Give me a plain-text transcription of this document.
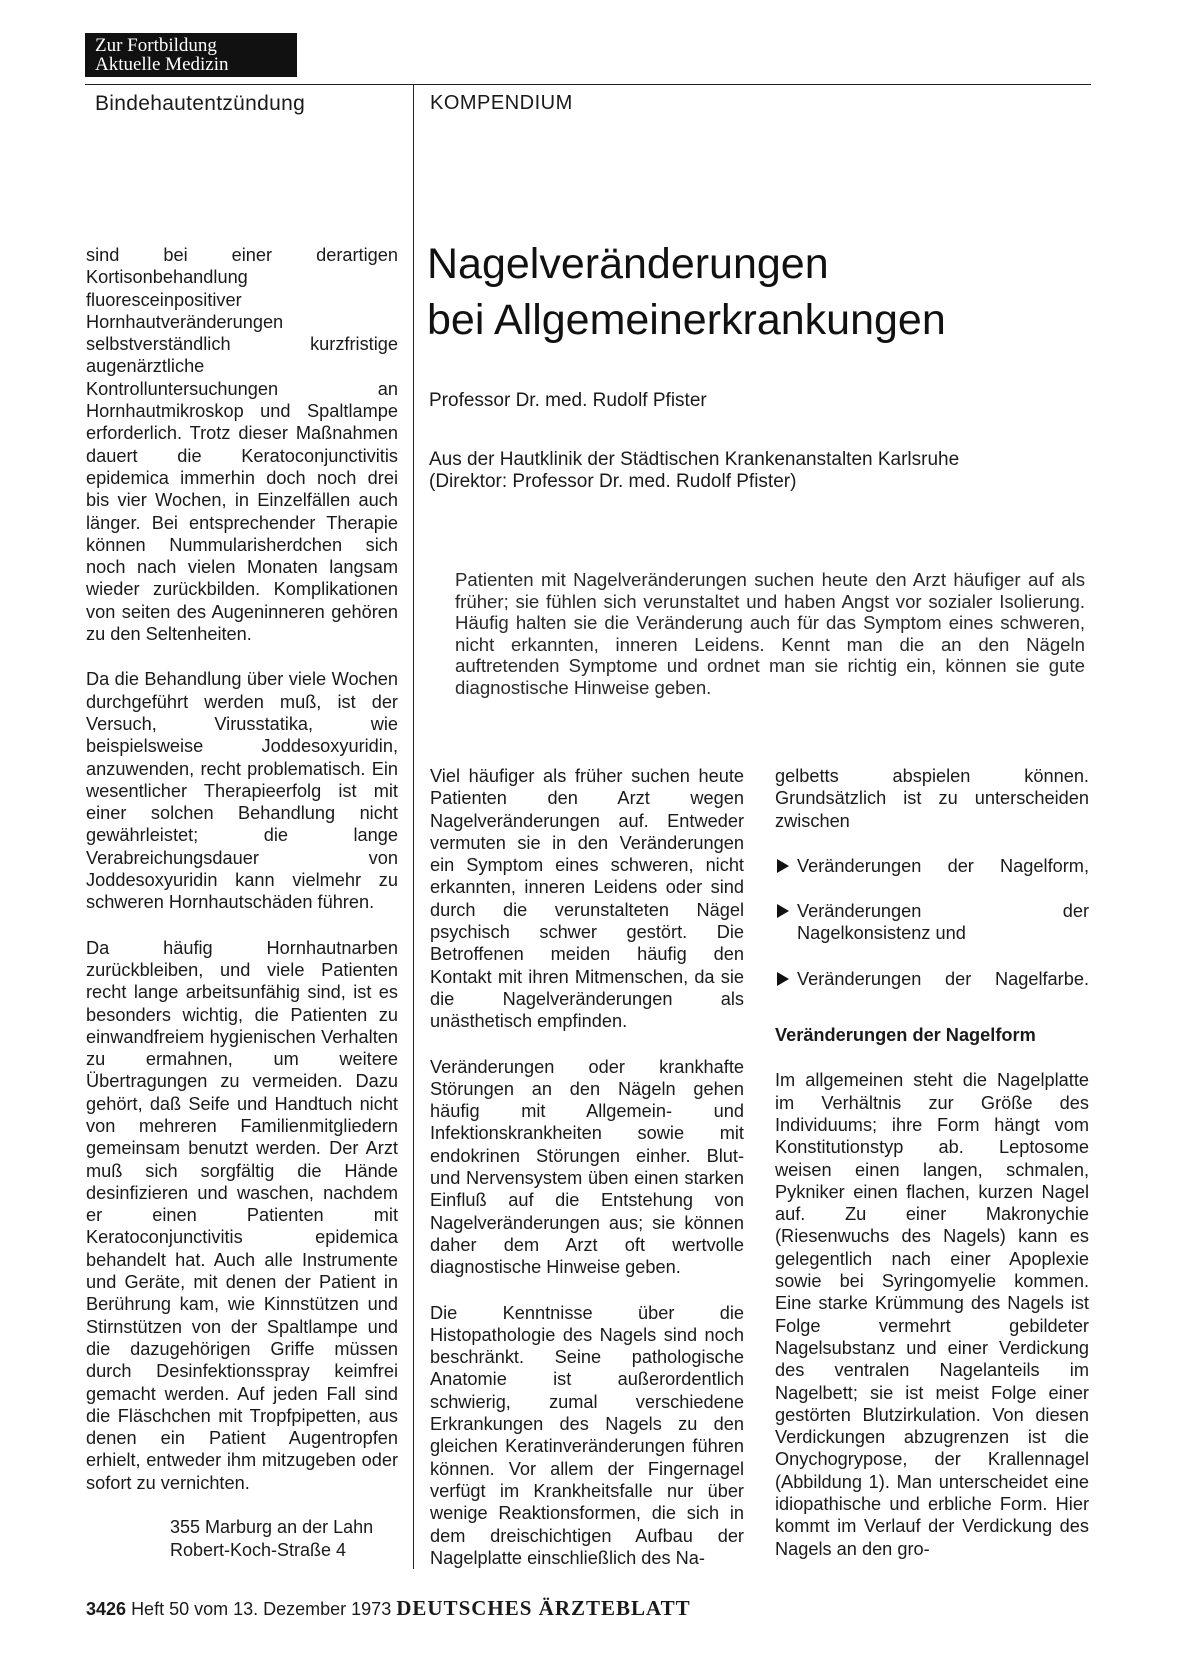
Zur Fortbildung
Aktuelle Medizin
Bindehautentzündung	KOMPENDIUM

sind bei einer derartigen Kortisonbehandlung fluoresceinpositiver Hornhautveränderungen selbstverständlich kurzfristige augenärztliche Kontrolluntersuchungen an Hornhautmikroskop und Spaltlampe erforderlich. Trotz dieser Maßnahmen dauert die Keratoconjunctivitis epidemica immerhin doch noch drei bis vier Wochen, in Einzelfällen auch länger. Bei entsprechender Therapie können Nummularisherdchen sich noch nach vielen Monaten langsam wieder zurückbilden. Komplikationen von seiten des Augeninneren gehören zu den Seltenheiten.

Da die Behandlung über viele Wochen durchgeführt werden muß, ist der Versuch, Virusstatika, wie beispielsweise Joddesoxyuridin, anzuwenden, recht problematisch. Ein wesentlicher Therapieerfolg ist mit einer solchen Behandlung nicht gewährleistet; die lange Verabreichungsdauer von Joddesoxyuridin kann vielmehr zu schweren Hornhautschäden führen.

Da häufig Hornhautnarben zurückbleiben, und viele Patienten recht lange arbeitsunfähig sind, ist es besonders wichtig, die Patienten zu einwandfreiem hygienischen Verhalten zu ermahnen, um weitere Übertragungen zu vermeiden. Dazu gehört, daß Seife und Handtuch nicht von mehreren Familienmitgliedern gemeinsam benutzt werden. Der Arzt muß sich sorgfältig die Hände desinfizieren und waschen, nachdem er einen Patienten mit Keratoconjunctivitis epidemica behandelt hat. Auch alle Instrumente und Geräte, mit denen der Patient in Berührung kam, wie Kinnstützen und Stirnstützen von der Spaltlampe und die dazugehörigen Griffe müssen durch Desinfektionsspray keimfrei gemacht werden. Auf jeden Fall sind die Fläschchen mit Tropfpipetten, aus denen ein Patient Augentropfen erhielt, entweder ihm mitzugeben oder sofort zu vernichten.

355 Marburg an der Lahn
Robert-Koch-Straße 4
Nagelveränderungen
bei Allgemeinerkrankungen
Professor Dr. med. Rudolf Pfister
Aus der Hautklinik der Städtischen Krankenanstalten Karlsruhe
(Direktor: Professor Dr. med. Rudolf Pfister)
Patienten mit Nagelveränderungen suchen heute den Arzt häufiger auf als früher; sie fühlen sich verunstaltet und haben Angst vor sozialer Isolierung. Häufig halten sie die Veränderung auch für das Symptom eines schweren, nicht erkannten, inneren Leidens. Kennt man die an den Nägeln auftretenden Symptome und ordnet man sie richtig ein, können sie gute diagnostische Hinweise geben.

Viel häufiger als früher suchen heute Patienten den Arzt wegen Nagelveränderungen auf. Entweder vermuten sie in den Veränderungen ein Symptom eines schweren, nicht erkannten, inneren Leidens oder sind durch die verunstalteten Nägel psychisch schwer gestört. Die Betroffenen meiden häufig den Kontakt mit ihren Mitmenschen, da sie die Nagelveränderungen als unästhetisch empfinden.

Veränderungen oder krankhafte Störungen an den Nägeln gehen häufig mit Allgemein- und Infektionskrankheiten sowie mit endokrinen Störungen einher. Blut- und Nervensystem üben einen starken Einfluß auf die Entstehung von Nagelveränderungen aus; sie können daher dem Arzt oft wertvolle diagnostische Hinweise geben.

Die Kenntnisse über die Histopathologie des Nagels sind noch beschränkt. Seine pathologische Anatomie ist außerordentlich schwierig, zumal verschiedene Erkrankungen des Nagels zu den gleichen Keratinveränderungen führen können. Vor allem der Fingernagel verfügt im Krankheitsfalle nur über wenige Reaktionsformen, die sich in dem dreischichtigen Aufbau der Nagelplatte einschließlich des Na-

gelbetts abspielen können. Grundsätzlich ist zu unterscheiden zwischen

Veränderungen der Nagelform,
Veränderungen der Nagelkonsistenz und
Veränderungen der Nagelfarbe.

Veränderungen der Nagelform

Im allgemeinen steht die Nagelplatte im Verhältnis zur Größe des Individuums; ihre Form hängt vom Konstitutionstyp ab. Leptosome weisen einen langen, schmalen, Pykniker einen flachen, kurzen Nagel auf. Zu einer Makronychie (Riesenwuchs des Nagels) kann es gelegentlich nach einer Apoplexie sowie bei Syringomyelie kommen. Eine starke Krümmung des Nagels ist Folge vermehrt gebildeter Nagelsubstanz und einer Verdickung des ventralen Nagelanteils im Nagelbett; sie ist meist Folge einer gestörten Blutzirkulation. Von diesen Verdickungen abzugrenzen ist die Onychogrypose, der Krallennagel (Abbildung 1). Man unterscheidet eine idiopathische und erbliche Form. Hier kommt im Verlauf der Verdickung des Nagels an den gro-

3426 Heft 50 vom 13. Dezember 1973 DEUTSCHES ÄRZTEBLATT
